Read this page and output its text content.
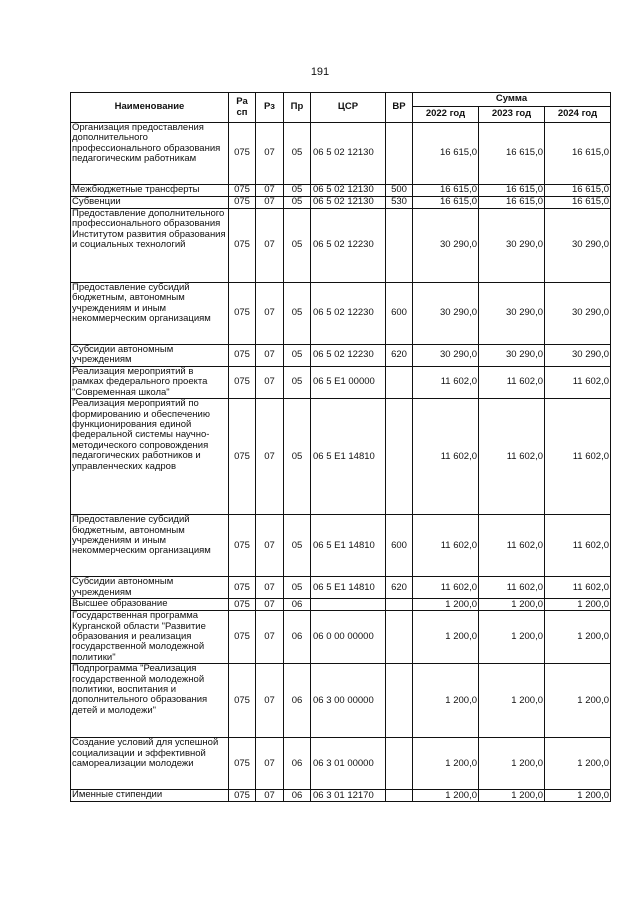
191
Наименование	Ра сп	Рз	Пр	ЦСР	ВР	Сумма		
						2022 год	2023 год	2024 год
Организация предоставления дополнительного профессионального образования педагогическим работникам	075	07	05	06 5 02 12130		16 615,0	16 615,0	16 615,0
Межбюджетные трансферты	075	07	05	06 5 02 12130	500	16 615,0	16 615,0	16 615,0
Субвенции	075	07	05	06 5 02 12130	530	16 615,0	16 615,0	16 615,0
Предоставление дополнительного профессионального образования Институтом развития образования и социальных технологий	075	07	05	06 5 02 12230		30 290,0	30 290,0	30 290,0
Предоставление субсидий бюджетным, автономным учреждениям и иным некоммерческим организациям	075	07	05	06 5 02 12230	600	30 290,0	30 290,0	30 290,0
Субсидии автономным учреждениям	075	07	05	06 5 02 12230	620	30 290,0	30 290,0	30 290,0
Реализация мероприятий в рамках федерального проекта "Современная школа"	075	07	05	06 5 E1 00000		11 602,0	11 602,0	11 602,0
Реализация мероприятий по формированию и обеспечению функционирования единой федеральной системы научно-методического сопровождения педагогических работников и управленческих кадров	075	07	05	06 5 E1 14810		11 602,0	11 602,0	11 602,0
Предоставление субсидий бюджетным, автономным учреждениям и иным некоммерческим организациям	075	07	05	06 5 E1 14810	600	11 602,0	11 602,0	11 602,0
Субсидии автономным учреждениям	075	07	05	06 5 E1 14810	620	11 602,0	11 602,0	11 602,0
Высшее образование	075	07	06			1 200,0	1 200,0	1 200,0
Государственная программа Курганской области "Развитие образования и реализация государственной молодежной политики"	075	07	06	06 0 00 00000		1 200,0	1 200,0	1 200,0
Подпрограмма "Реализация государственной молодежной политики, воспитания и дополнительного образования детей и молодежи"	075	07	06	06 3 00 00000		1 200,0	1 200,0	1 200,0
Создание условий для успешной социализации и эффективной самореализации молодежи	075	07	06	06 3 01 00000		1 200,0	1 200,0	1 200,0
Именные стипендии	075	07	06	06 3 01 12170		1 200,0	1 200,0	1 200,0
